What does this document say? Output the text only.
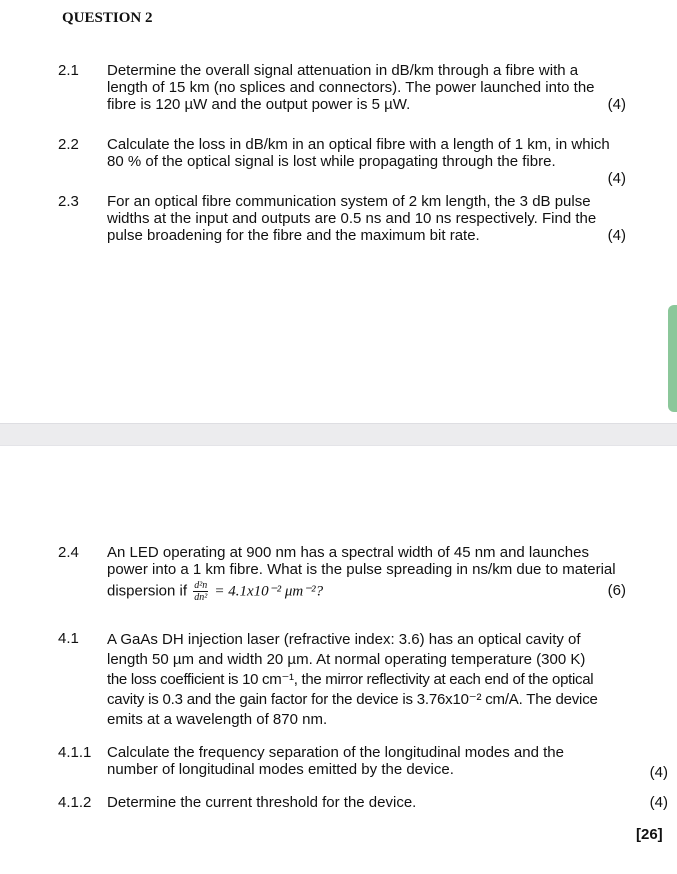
QUESTION 2
2.1 Determine the overall signal attenuation in dB/km through a fibre with a
length of 15 km (no splices and connectors). The power launched into the
fibre is 120 µW and the output power is 5 µW.	(4)
2.2 Calculate the loss in dB/km in an optical fibre with a length of 1 km, in which
80 % of the optical signal is lost while propagating through the fibre.
(4)
2.3 For an optical fibre communication system of 2 km length, the 3 dB pulse
widths at the input and outputs are 0.5 ns and 10 ns respectively. Find the
pulse broadening for the fibre and the maximum bit rate.	(4)
2.4 An LED operating at 900 nm has a spectral width of 45 nm and launches
power into a 1 km fibre. What is the pulse spreading in ns/km due to material
dispersion if $\frac{\text{d²n}}{\text{dn²}} = 4.1x10^{-2}$ μm⁻²?	(6)
4.1 A GaAs DH injection laser (refractive index: 3.6) has an optical cavity of
length 50 µm and width 20 µm. At normal operating temperature (300 K)
the loss coefficient is 10 cm⁻¹, the mirror reflectivity at each end of the optical
cavity is 0.3 and the gain factor for the device is 3.76x10⁻² cm/A. The device
emits at a wavelength of 870 nm.
4.1.1 Calculate the frequency separation of the longitudinal modes and the
number of longitudinal modes emitted by the device.	(4)
4.1.2 Determine the current threshold for the device.	(4)
[26]
